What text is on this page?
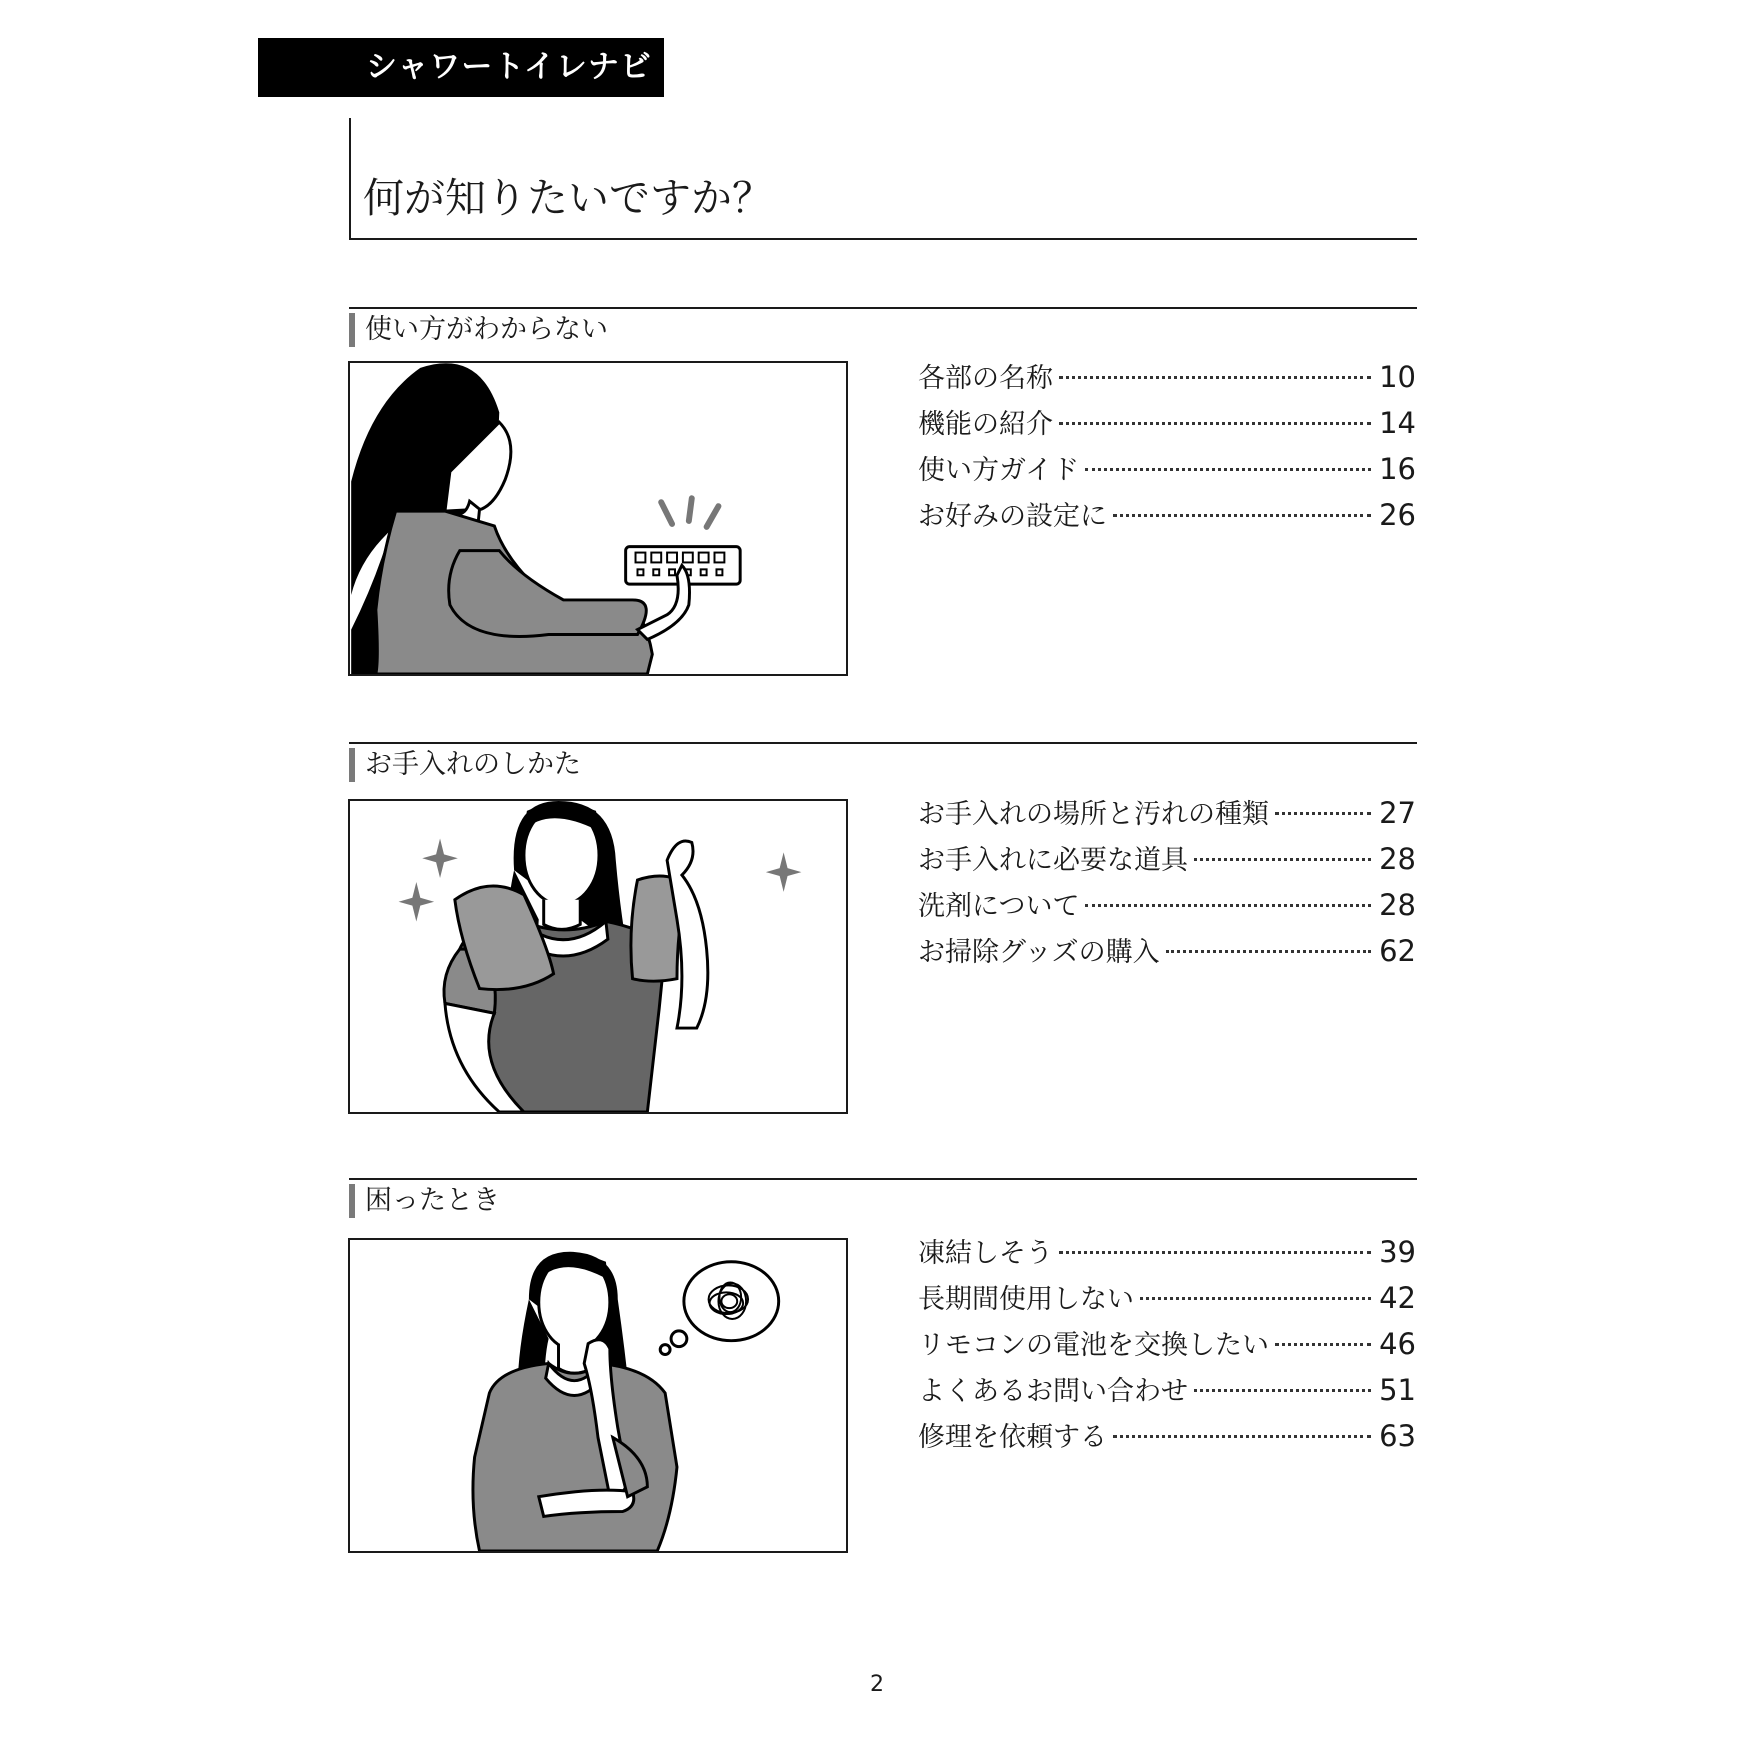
シャワートイレナビ
何が知りたいですか？
使い方がわからない
各部の名称	10
機能の紹介	14
使い方ガイド	16
お好みの設定に	26
お手入れのしかた
お手入れの場所と汚れの種類	27
お手入れに必要な道具	28
洗剤について	28
お掃除グッズの購入	62
困ったとき
凍結しそう	39
長期間使用しない	42
リモコンの電池を交換したい	46
よくあるお問い合わせ	51
修理を依頼する	63
2
